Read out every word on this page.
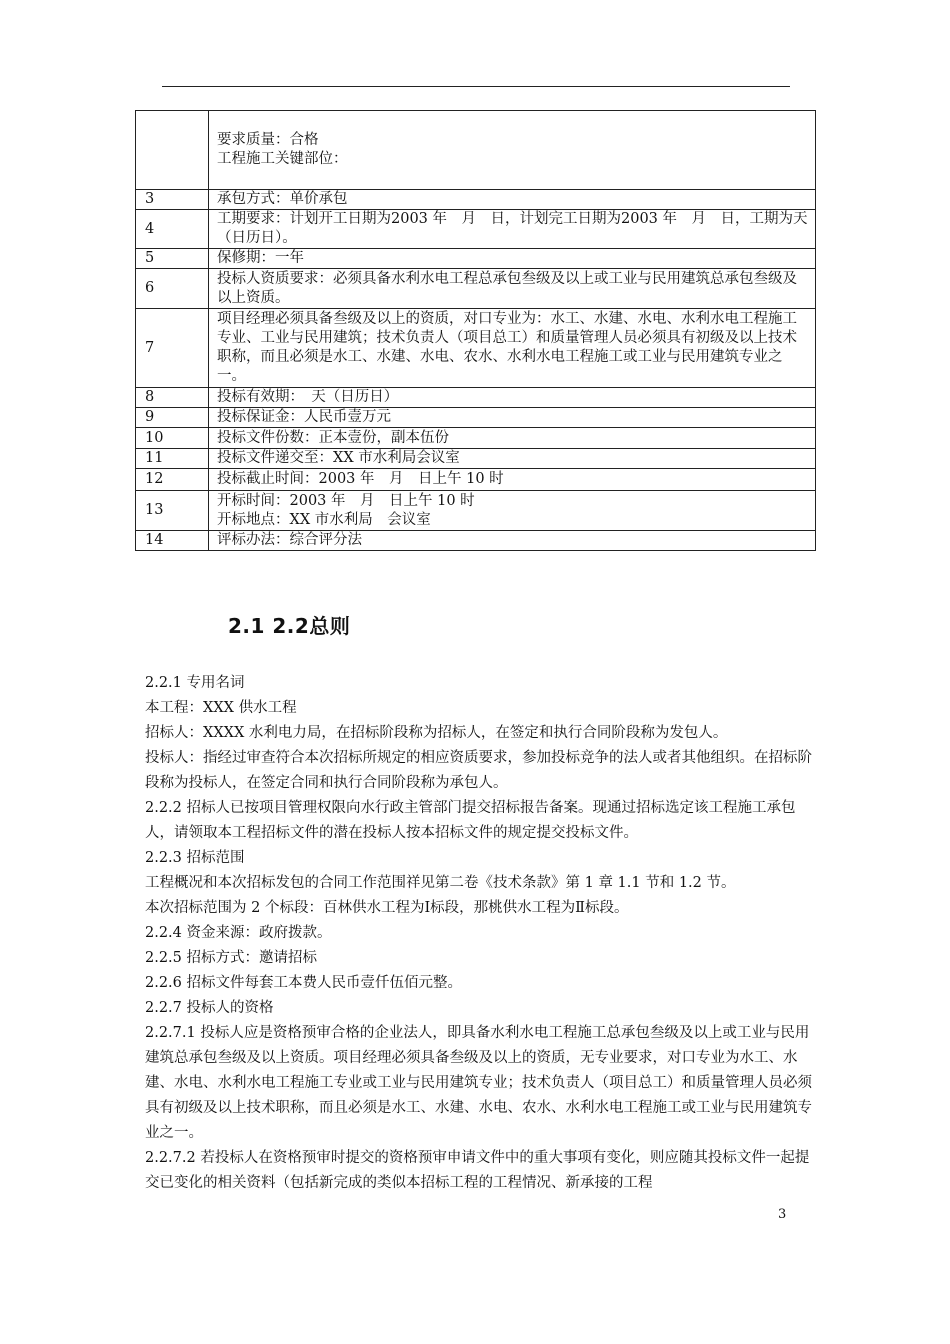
	要求质量：合格
工程施工关键部位：

3	承包方式：单价承包
4	工期要求：计划开工日期为2003 年　月　日，计划完工日期为2003 年　月　日，工期为天（日历日）。
5	保修期：一年
6	投标人资质要求：必须具备水利水电工程总承包叁级及以上或工业与民用建筑总承包叁级及以上资质。
7	项目经理必须具备叁级及以上的资质，对口专业为：水工、水建、水电、水利水电工程施工专业、工业与民用建筑；技术负责人（项目总工）和质量管理人员必须具有初级及以上技术职称，而且必须是水工、水建、水电、农水、水利水电工程施工或工业与民用建筑专业之一。
8	投标有效期：　天（日历日）
9	投标保证金：人民币壹万元
10	投标文件份数：正本壹份，副本伍份
11	投标文件递交至：XX 市水利局会议室
12	投标截止时间：2003 年　月　日上午 10 时
13	开标时间：2003 年　月　日上午 10 时
开标地点：XX 市水利局　会议室

14	评标办法：综合评分法
2.1 2.2总则

2.2.1 专用名词

本工程：XXX 供水工程

招标人：XXXX 水利电力局，在招标阶段称为招标人，在签定和执行合同阶段称为发包人。

投标人：指经过审查符合本次招标所规定的相应资质要求，参加投标竞争的法人或者其他组织。在招标阶段称为投标人，在签定合同和执行合同阶段称为承包人。

2.2.2 招标人已按项目管理权限向水行政主管部门提交招标报告备案。现通过招标选定该工程施工承包人，请领取本工程招标文件的潜在投标人按本招标文件的规定提交投标文件。

2.2.3 招标范围

工程概况和本次招标发包的合同工作范围祥见第二卷《技术条款》第 1 章 1.1 节和 1.2 节。

本次招标范围为 2 个标段：百林供水工程为Ⅰ标段，那桃供水工程为Ⅱ标段。

2.2.4 资金来源：政府拨款。

2.2.5 招标方式：邀请招标

2.2.6 招标文件每套工本费人民币壹仟伍佰元整。

2.2.7 投标人的资格

2.2.7.1 投标人应是资格预审合格的企业法人，即具备水利水电工程施工总承包叁级及以上或工业与民用建筑总承包叁级及以上资质。项目经理必须具备叁级及以上的资质，无专业要求，对口专业为水工、水建、水电、水利水电工程施工专业或工业与民用建筑专业；技术负责人（项目总工）和质量管理人员必须具有初级及以上技术职称，而且必须是水工、水建、水电、农水、水利水电工程施工或工业与民用建筑专业之一。

2.2.7.2 若投标人在资格预审时提交的资格预审申请文件中的重大事项有变化，则应随其投标文件一起提交已变化的相关资料（包括新完成的类似本招标工程的工程情况、新承接的工程

3
